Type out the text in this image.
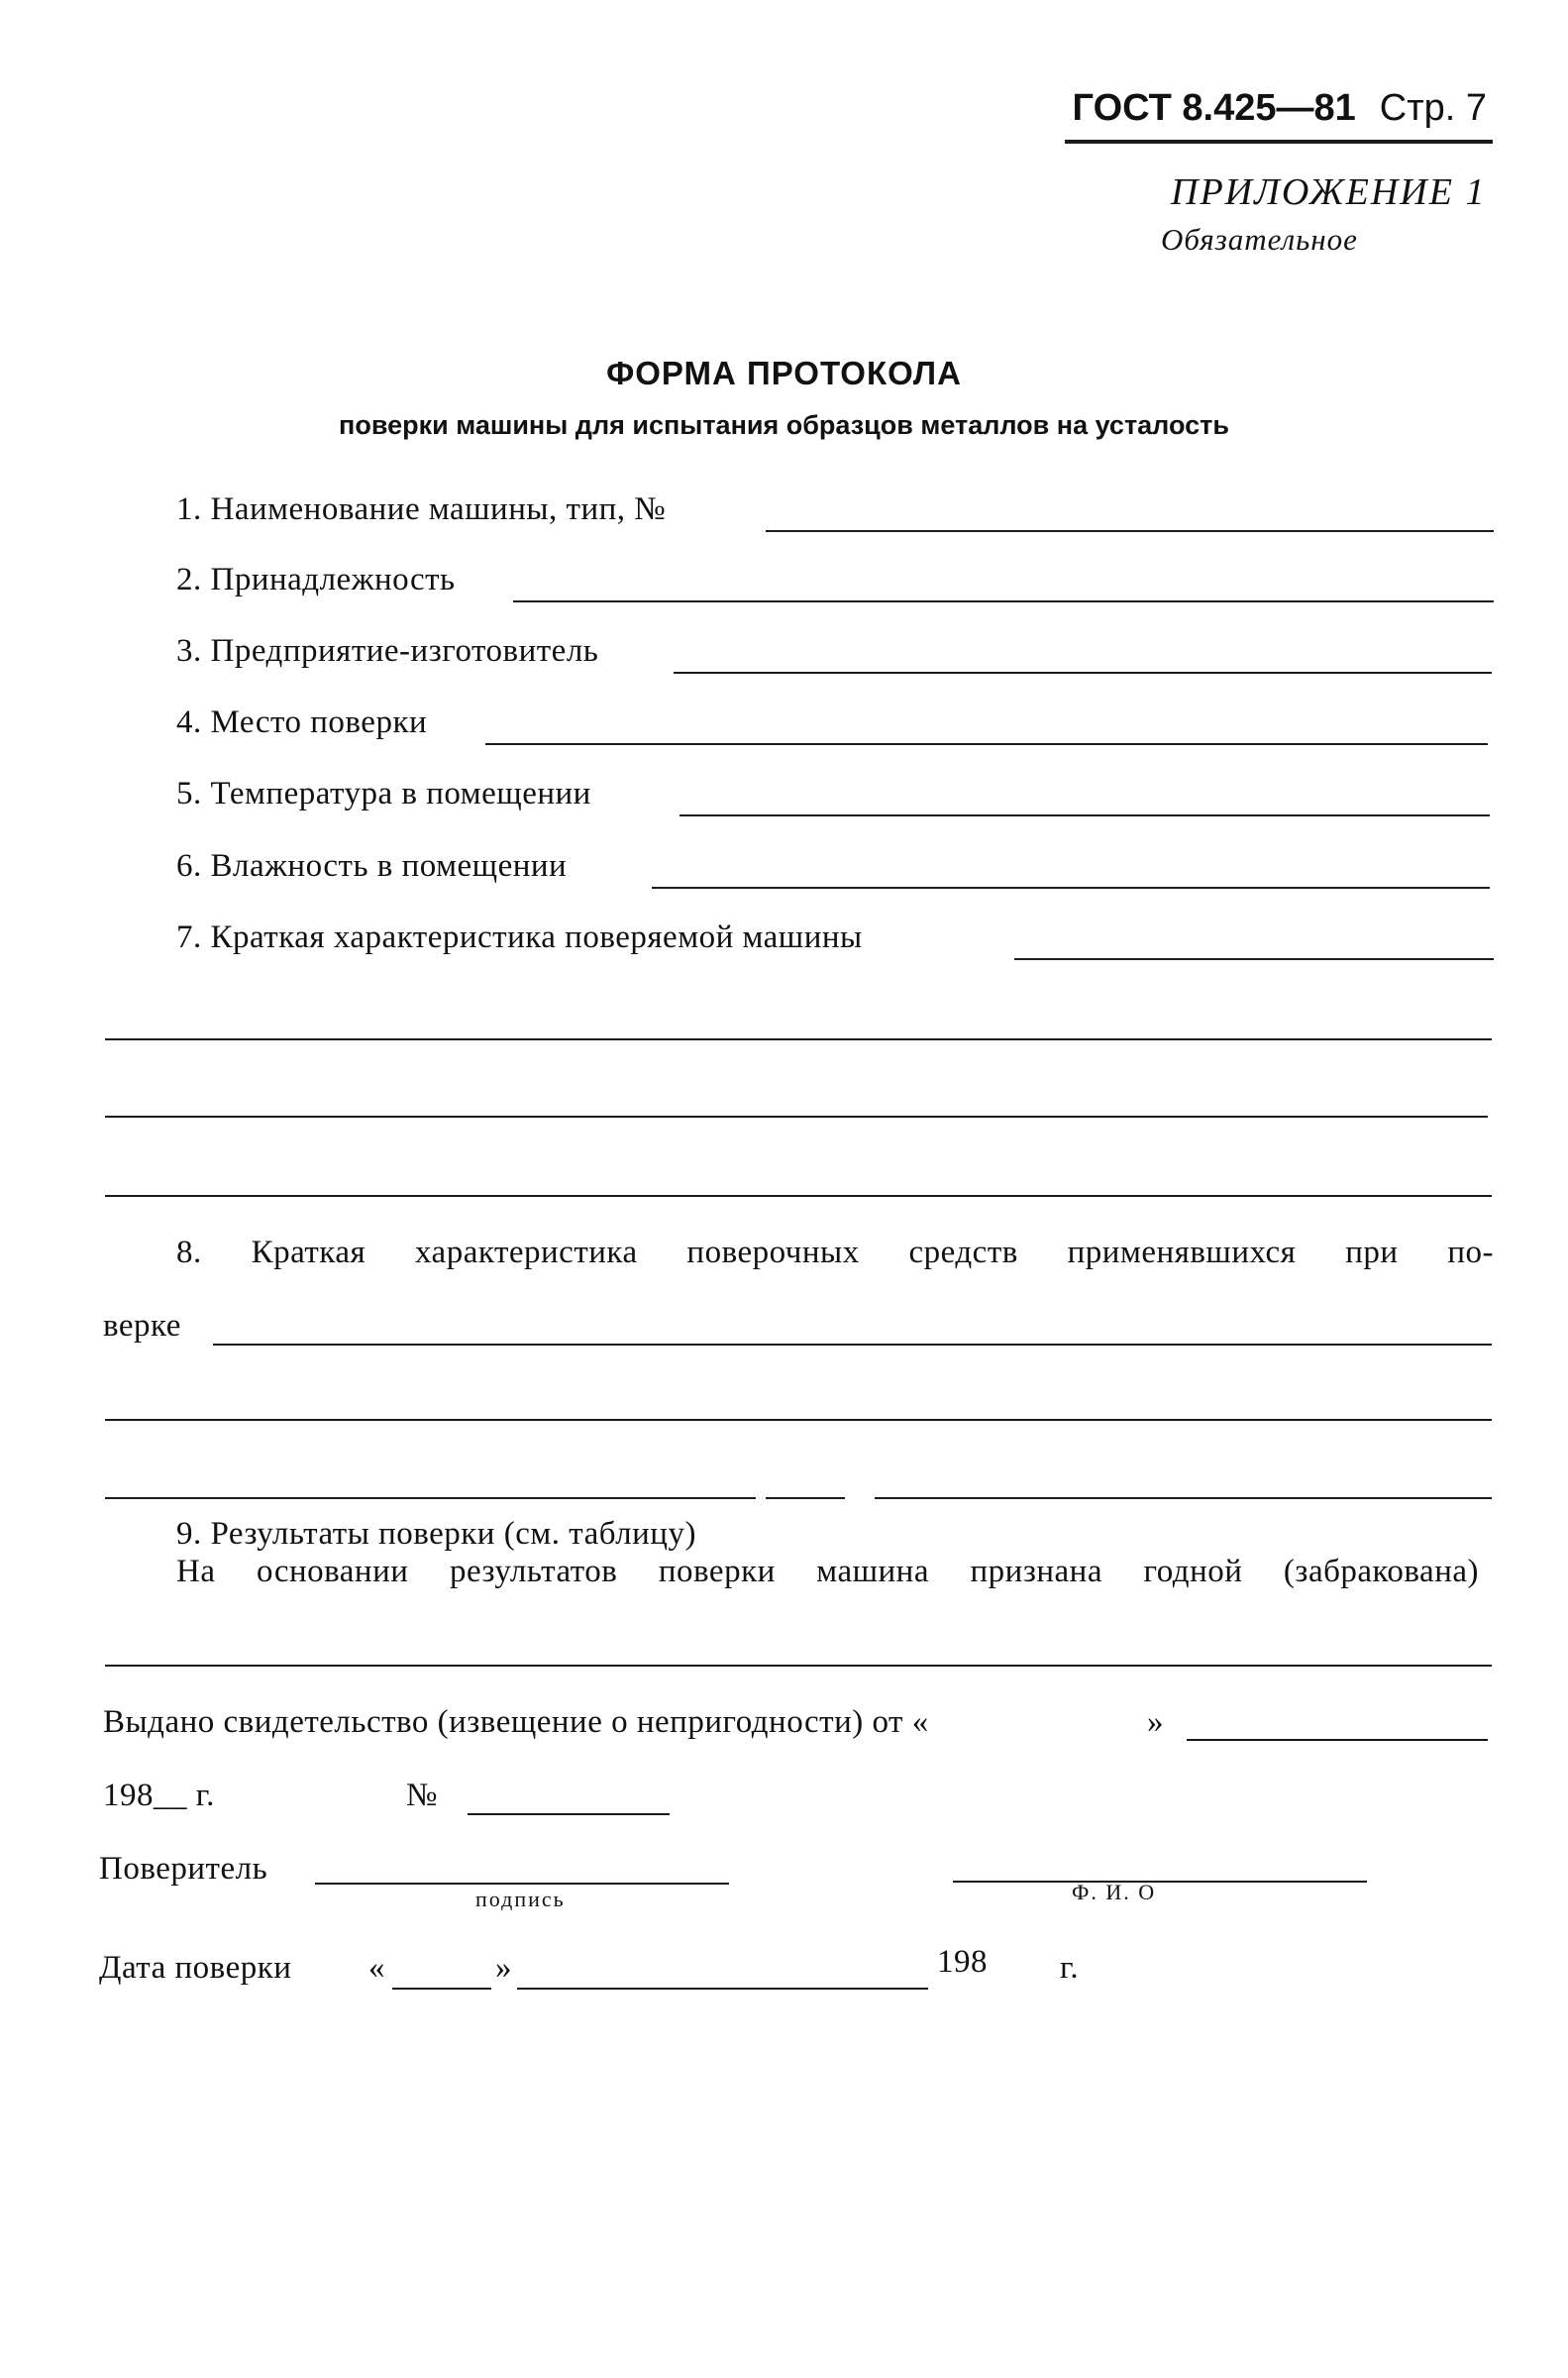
ГОСТ 8.425—81 Стр. 7
ПРИЛОЖЕНИЕ 1
Обязательное
ФОРМА ПРОТОКОЛА
поверки машины для испытания образцов металлов на усталость
1. Наименование машины, тип, №
2. Принадлежность
3. Предприятие-изготовитель
4. Место поверки
5. Температура в помещении
6. Влажность в помещении
7. Краткая характеристика поверяемой машины
8. Краткая характеристика поверочных средств применявшихся при по-
верке
9. Результаты поверки (см. таблицу)
На основании результатов поверки машина признана годной (забракована)
Выдано свидетельство (извещение о непригодности) от «	»
198__ г.	№
Поверитель
подпись	Ф. И. О
Дата поверки «	»	198 г.
